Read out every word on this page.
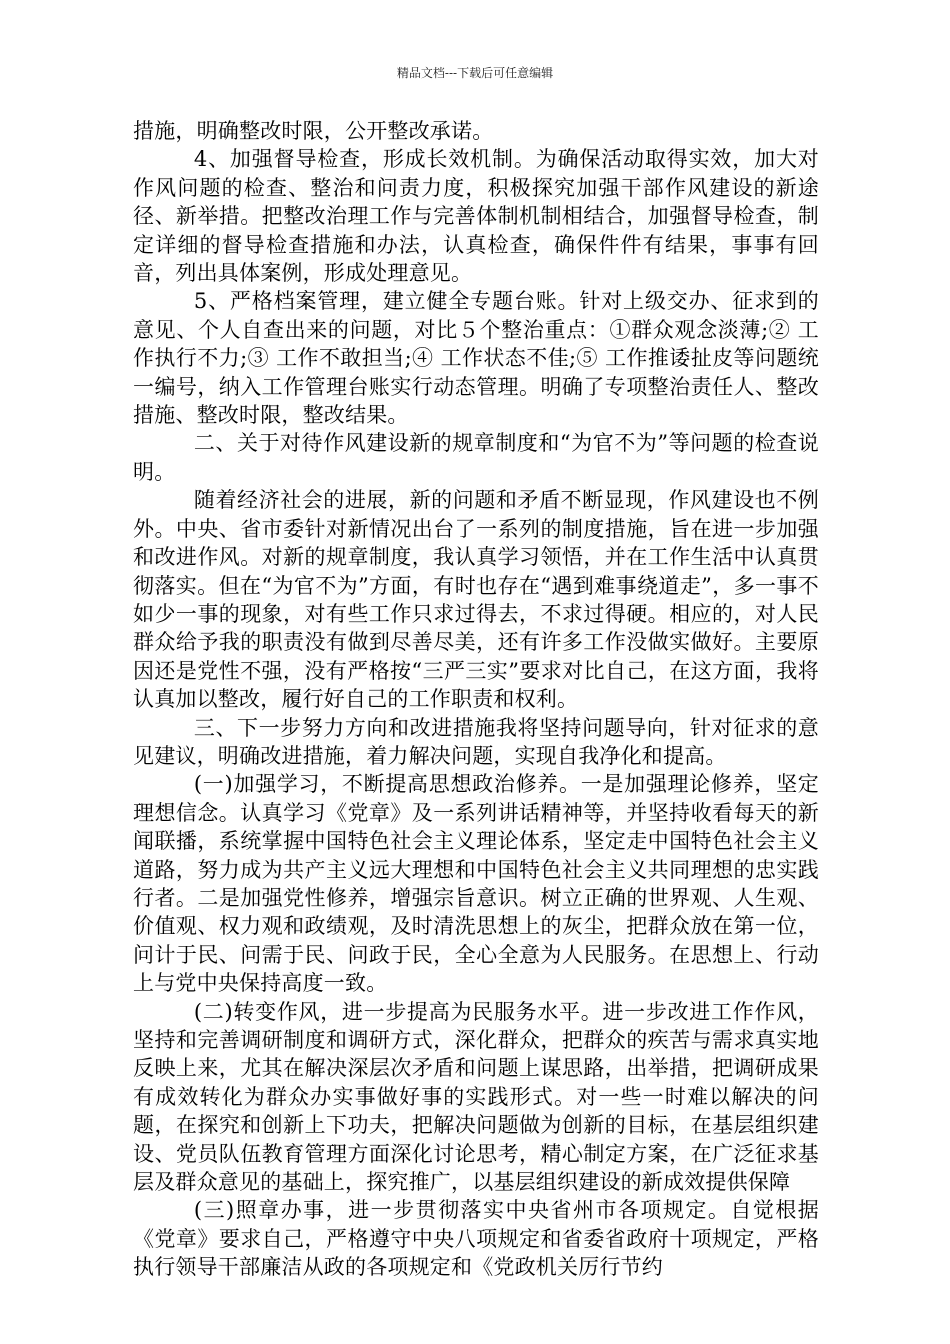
精品文档---下载后可任意编辑

措施，明确整改时限，公开整改承诺。

4、加强督导检查，形成长效机制。为确保活动取得实效，加大对作风问题的检查、整治和问责力度，积极探究加强干部作风建设的新途径、新举措。把整改治理工作与完善体制机制相结合，加强督导检查，制定详细的督导检查措施和办法，认真检查，确保件件有结果，事事有回音，列出具体案例，形成处理意见。

5、严格档案管理，建立健全专题台账。针对上级交办、征求到的意见、个人自查出来的问题，对比５个整治重点：①群众观念淡薄;② 工作执行不力;③ 工作不敢担当;④ 工作状态不佳;⑤ 工作推诿扯皮等问题统一编号，纳入工作管理台账实行动态管理。明确了专项整治责任人、整改措施、整改时限，整改结果。

二、关于对待作风建设新的规章制度和“为官不为”等问题的检查说明。

随着经济社会的进展，新的问题和矛盾不断显现，作风建设也不例外。中央、省市委针对新情况出台了一系列的制度措施，旨在进一步加强和改进作风。对新的规章制度，我认真学习领悟，并在工作生活中认真贯彻落实。但在“为官不为”方面，有时也存在“遇到难事绕道走”，多一事不如少一事的现象，对有些工作只求过得去，不求过得硬。相应的，对人民群众给予我的职责没有做到尽善尽美，还有许多工作没做实做好。主要原因还是党性不强，没有严格按“三严三实”要求对比自己，在这方面，我将认真加以整改，履行好自己的工作职责和权利。

三、下一步努力方向和改进措施我将坚持问题导向，针对征求的意见建议，明确改进措施，着力解决问题，实现自我净化和提高。

(一)加强学习，不断提高思想政治修养。一是加强理论修养，坚定理想信念。认真学习《党章》及一系列讲话精神等，并坚持收看每天的新闻联播，系统掌握中国特色社会主义理论体系，坚定走中国特色社会主义道路，努力成为共产主义远大理想和中国特色社会主义共同理想的忠实践行者。二是加强党性修养，增强宗旨意识。树立正确的世界观、人生观、价值观、权力观和政绩观，及时清洗思想上的灰尘，把群众放在第一位，问计于民、问需于民、问政于民，全心全意为人民服务。在思想上、行动上与党中央保持高度一致。

(二)转变作风，进一步提高为民服务水平。进一步改进工作作风，坚持和完善调研制度和调研方式，深化群众，把群众的疾苦与需求真实地反映上来，尤其在解决深层次矛盾和问题上谋思路，出举措，把调研成果有成效转化为群众办实事做好事的实践形式。对一些一时难以解决的问题，在探究和创新上下功夫，把解决问题做为创新的目标，在基层组织建设、党员队伍教育管理方面深化讨论思考，精心制定方案，在广泛征求基层及群众意见的基础上，探究推广，以基层组织建设的新成效提供保障

(三)照章办事，进一步贯彻落实中央省州市各项规定。自觉根据《党章》要求自己，严格遵守中央八项规定和省委省政府十项规定，严格执行领导干部廉洁从政的各项规定和《党政机关厉行节约
